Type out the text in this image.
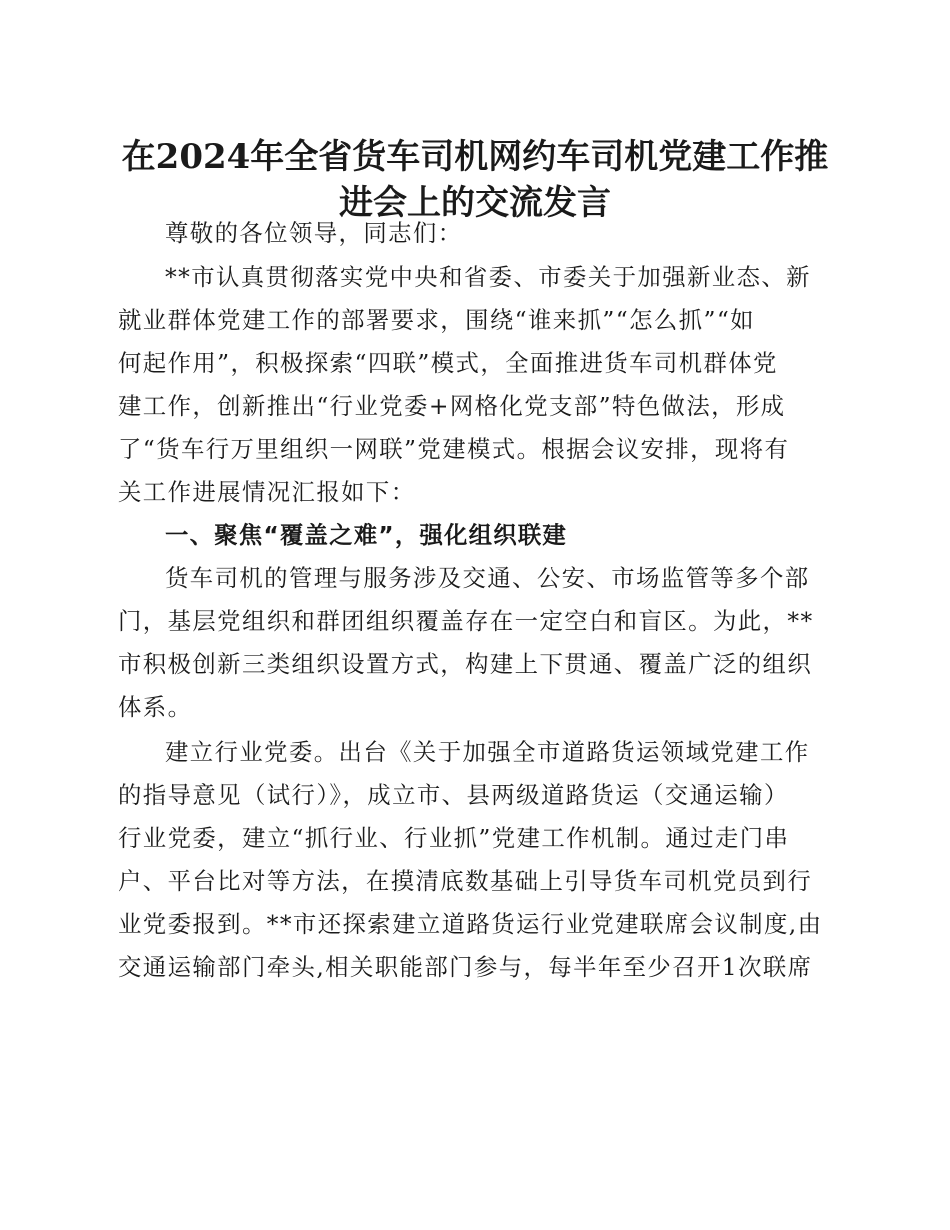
在2024年全省货车司机网约车司机党建工作推
进会上的交流发言
尊敬的各位领导，同志们：
**市认真贯彻落实党中央和省委、市委关于加强新业态、新
就业群体党建工作的部署要求，围绕“谁来抓”“怎么抓”“如
何起作用”，积极探索“四联”模式，全面推进货车司机群体党
建工作，创新推出“行业党委+网格化党支部”特色做法，形成
了“货车行万里组织一网联”党建模式。根据会议安排，现将有
关工作进展情况汇报如下：
一、聚焦“覆盖之难”，强化组织联建
货车司机的管理与服务涉及交通、公安、市场监管等多个部
门，基层党组织和群团组织覆盖存在一定空白和盲区。为此，**
市积极创新三类组织设置方式，构建上下贯通、覆盖广泛的组织
体系。
建立行业党委。出台《关于加强全市道路货运领域党建工作
的指导意见（试行）》，成立市、县两级道路货运（交通运输）
行业党委，建立“抓行业、行业抓”党建工作机制。通过走门串
户、平台比对等方法，在摸清底数基础上引导货车司机党员到行
业党委报到。**市还探索建立道路货运行业党建联席会议制度,由
交通运输部门牵头,相关职能部门参与，每半年至少召开1次联席
